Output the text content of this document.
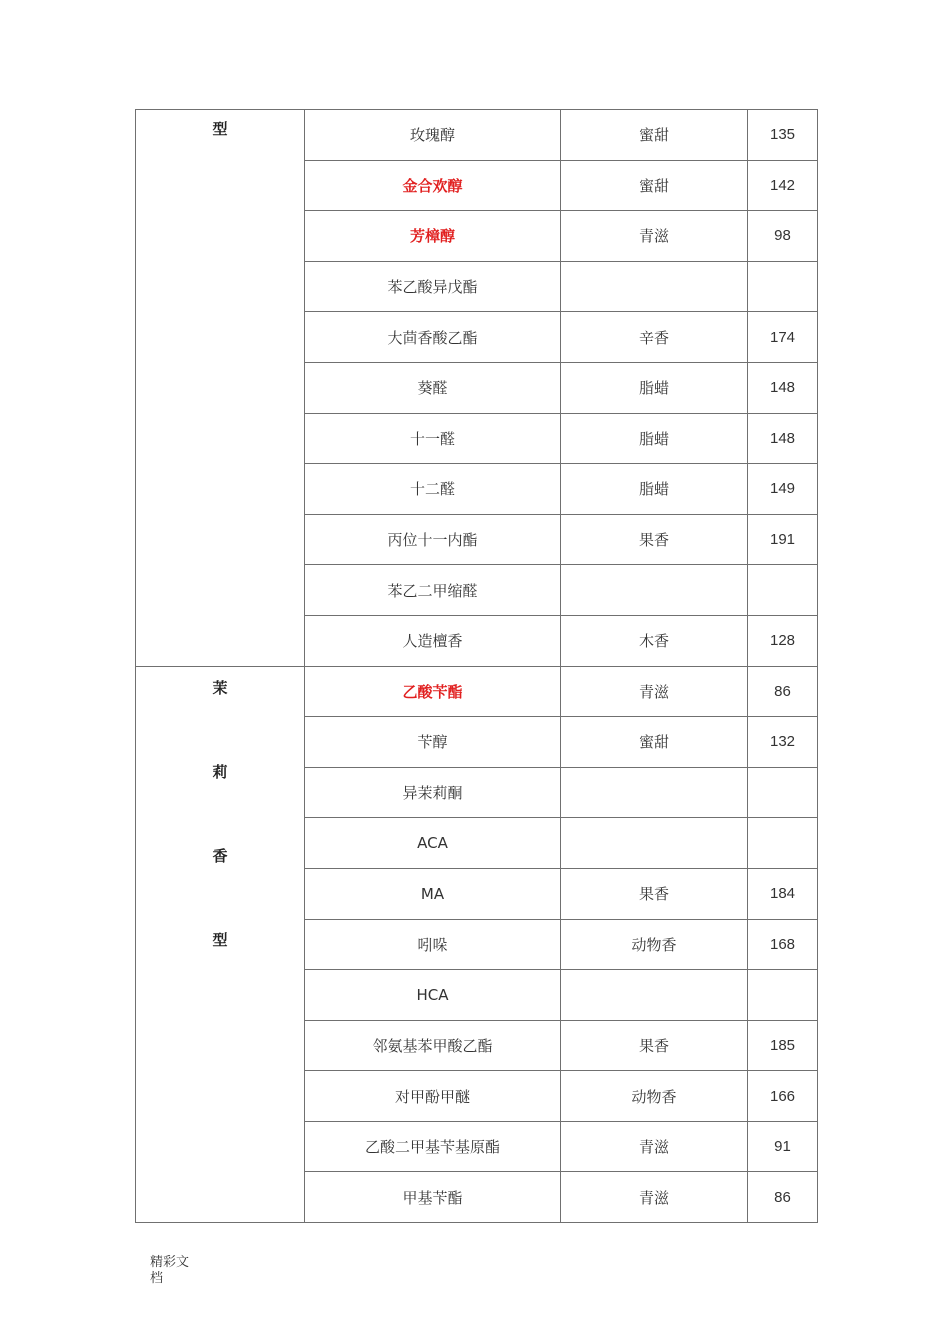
型	玫瑰醇	蜜甜	135
	金合欢醇	蜜甜	142
	芳樟醇	青滋	98
	苯乙酸异戊酯		
	大茴香酸乙酯	辛香	174
	葵醛	脂蜡	148
	十一醛	脂蜡	148
	十二醛	脂蜡	149
	丙位十一内酯	果香	191
	苯乙二甲缩醛		
	人造檀香	木香	128

茉
莉
香
型	乙酸苄酯	青滋	86
	苄醇	蜜甜	132
	异茉莉酮		
	ACA		
	MA	果香	184
	吲哚	动物香	168
	HCA		
	邻氨基苯甲酸乙酯	果香	185
	对甲酚甲醚	动物香	166
	乙酸二甲基苄基原酯	青滋	91
	甲基苄酯	青滋	86
精彩文档
